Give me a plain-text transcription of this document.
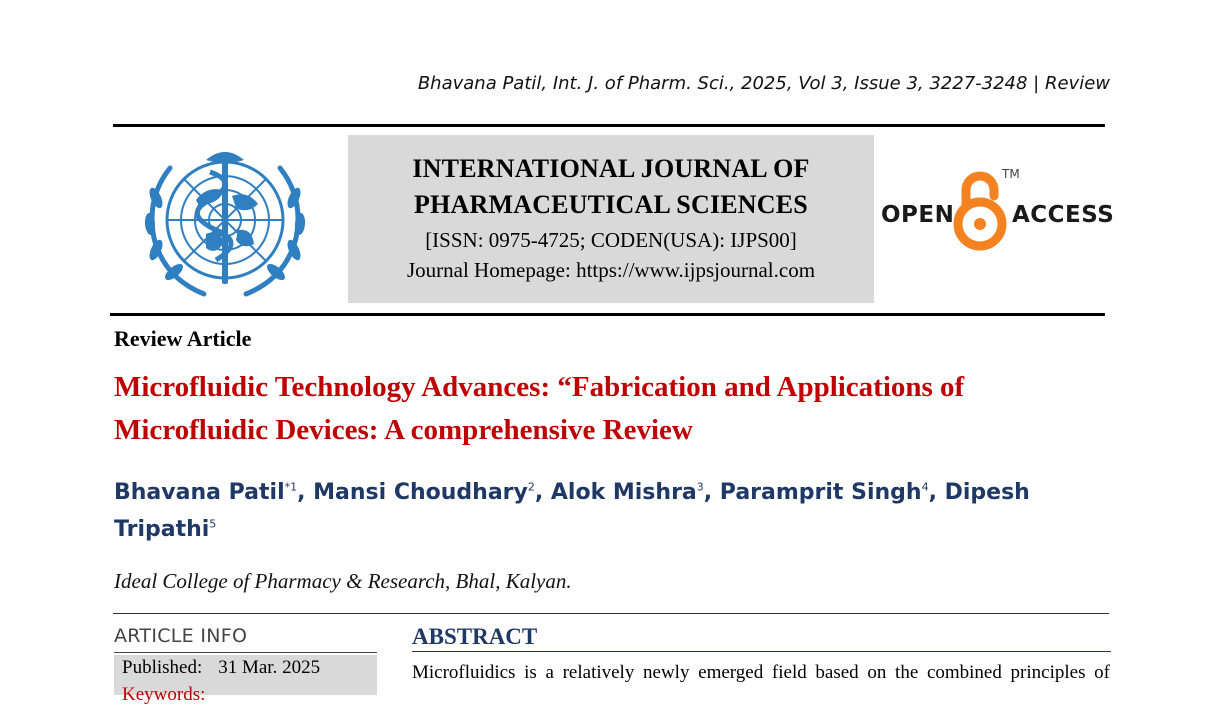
Bhavana Patil, Int. J. of Pharm. Sci., 2025, Vol 3, Issue 3, 3227-3248 | Review
INTERNATIONAL JOURNAL OF
PHARMACEUTICAL SCIENCES
[ISSN: 0975-4725; CODEN(USA): IJPS00]
Journal Homepage: https://www.ijpsjournal.com
OPEN
TM
ACCESS
Review Article
Microfluidic Technology Advances: “Fabrication and Applications of Microfluidic Devices: A comprehensive Review
Bhavana Patil$^{*1}$, Mansi Choudhary$^2$, Alok Mishra$^3$, Paramprit Singh$^4$, Dipesh Tripathi$^5$
Ideal College of Pharmacy & Research, Bhal, Kalyan.
ARTICLE INFO
Published: 31 Mar. 2025
Keywords:
ABSTRACT
Microfluidics is a relatively newly emerged field based on the combined principles of
